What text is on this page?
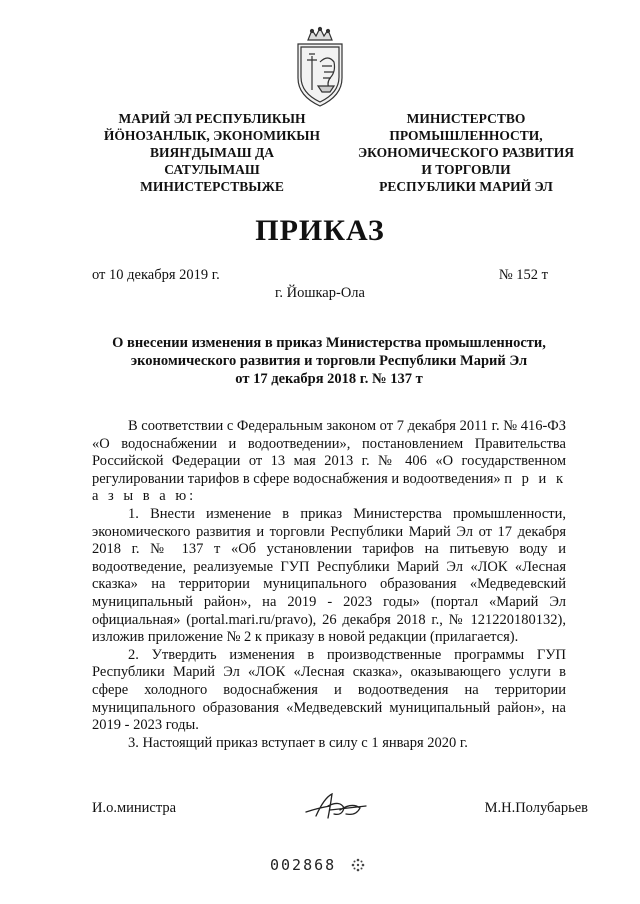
МАРИЙ ЭЛ РЕСПУБЛИКЫН
ЙÖНОЗАНЛЫК, ЭКОНОМИКЫН
ВИЯҤДЫМАШ ДА
САТУЛЫМАШ
МИНИСТЕРСТВЫЖЕ
МИНИСТЕРСТВО
ПРОМЫШЛЕННОСТИ,
ЭКОНОМИЧЕСКОГО РАЗВИТИЯ
И ТОРГОВЛИ
РЕСПУБЛИКИ МАРИЙ ЭЛ
ПРИКАЗ
от 10 декабря 2019 г.	№ 152 т
г. Йошкар-Ола
О внесении изменения в приказ Министерства промышленности,
экономического развития и торговли Республики Марий Эл
от 17 декабря 2018 г. № 137 т

В соответствии с Федеральным законом от 7 декабря 2011 г. № 416-ФЗ «О водоснабжении и водоотведении», постановлением Правительства Российской Федерации от 13 мая 2013 г. № 406 «О государственном регулировании тарифов в сфере водоснабжения и водоотведения» п р и к а з ы в а ю:

1. Внести изменение в приказ Министерства промышленности, экономического развития и торговли Республики Марий Эл от 17 декабря 2018 г. № 137 т «Об установлении тарифов на питьевую воду и водоотведение, реализуемые ГУП Республики Марий Эл «ЛОК «Лесная сказка» на территории муниципального образования «Медведевский муниципальный район», на 2019 - 2023 годы» (портал «Марий Эл официальная» (portal.mari.ru/pravo), 26 декабря 2018 г., № 121220180132), изложив приложение № 2 к приказу в новой редакции (прилагается).

2. Утвердить изменения в производственные программы ГУП Республики Марий Эл «ЛОК «Лесная сказка», оказывающего услуги в сфере холодного водоснабжения и водоотведения на территории муниципального образования «Медведевский муниципальный район», на 2019 - 2023 годы.

3. Настоящий приказ вступает в силу с 1 января 2020 г.

И.о.министра	М.Н.Полубарьев
002868
